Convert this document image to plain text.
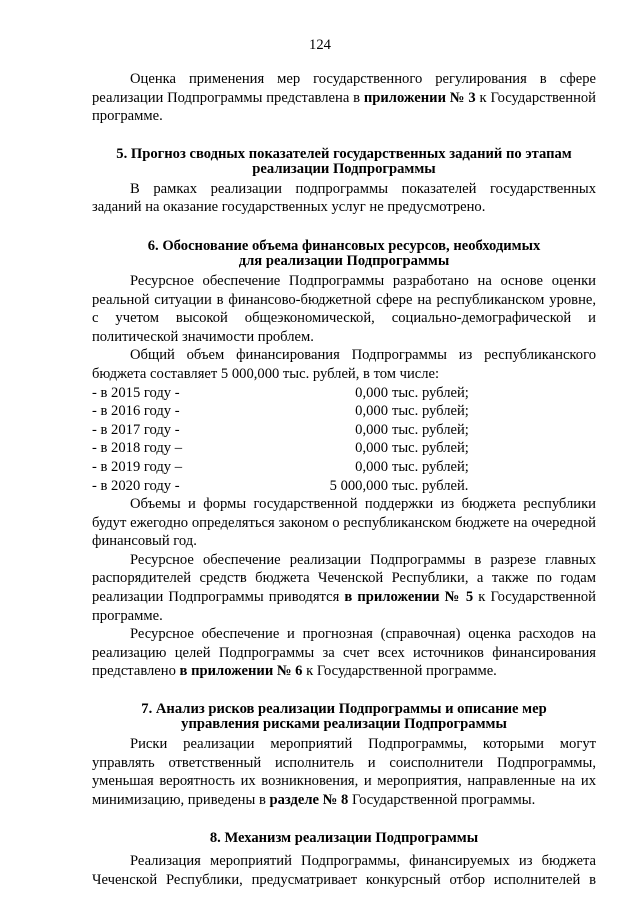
124

Оценка применения мер государственного регулирования в сфере реализации Подпрограммы представлена в приложении № 3 к Государственной программе.

5. Прогноз сводных показателей государственных заданий по этапам
реализации Подпрограммы

В рамках реализации подпрограммы показателей государственных заданий на оказание государственных услуг не предусмотрено.

6. Обоснование объема финансовых ресурсов, необходимых
для реализации Подпрограммы

Ресурсное обеспечение Подпрограммы разработано на основе оценки реальной ситуации в финансово-бюджетной сфере на республиканском уровне, с учетом высокой общеэкономической, социально-демографической и политической значимости проблем.

Общий объем финансирования Подпрограммы из республиканского бюджета составляет 5 000,000 тыс. рублей, в том числе:

- в 2015 году -	0,000 тыс. рублей;
- в 2016 году -	0,000 тыс. рублей;
- в 2017 году -	0,000 тыс. рублей;
- в 2018 году –	0,000 тыс. рублей;
- в 2019 году –	0,000 тыс. рублей;
- в 2020 году -	5 000,000 тыс. рублей.

Объемы и формы государственной поддержки из бюджета республики будут ежегодно определяться законом о республиканском бюджете на очередной финансовый год.

Ресурсное обеспечение реализации Подпрограммы в разрезе главных распорядителей средств бюджета Чеченской Республики, а также по годам реализации Подпрограммы приводятся в приложении № 5 к Государственной программе.

Ресурсное обеспечение и прогнозная (справочная) оценка расходов на реализацию целей Подпрограммы за счет всех источников финансирования представлено в приложении № 6 к Государственной программе.

7. Анализ рисков реализации Подпрограммы и описание мер
управления рисками реализации Подпрограммы

Риски реализации мероприятий Подпрограммы, которыми могут управлять ответственный исполнитель и соисполнители Подпрограммы, уменьшая вероятность их возникновения, и мероприятия, направленные на их минимизацию, приведены в разделе № 8 Государственной программы.

8. Механизм реализации Подпрограммы

Реализация мероприятий Подпрограммы, финансируемых из бюджета Чеченской Республики, предусматривает конкурсный отбор исполнителей в
